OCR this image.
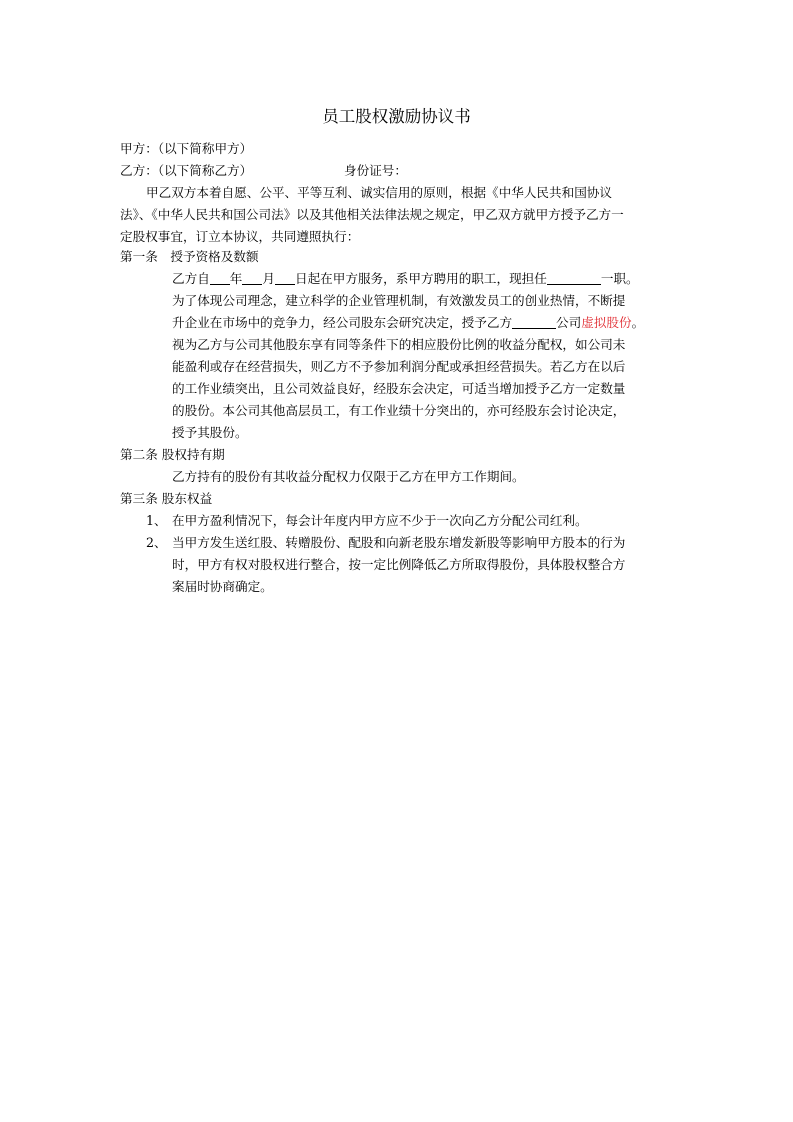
员工股权激励协议书
甲方：（以下简称甲方）
乙方：（以下简称乙方）	身份证号：
甲乙双方本着自愿、公平、平等互利、诚实信用的原则，根据《中华人民共和国协议
法》、《中华人民共和国公司法》以及其他相关法律法规之规定，甲乙双方就甲方授予乙方一
定股权事宜，订立本协议，共同遵照执行：
第一条　授予资格及数额
乙方自 年 月 日起在甲方服务，系甲方聘用的职工，现担任	一职。
为了体现公司理念，建立科学的企业管理机制，有效激发员工的创业热情，不断提
升企业在市场中的竞争力，经公司股东会研究决定，授予乙方	公司虚拟股份。
视为乙方与公司其他股东享有同等条件下的相应股份比例的收益分配权，如公司未
能盈利或存在经营损失，则乙方不予参加利润分配或承担经营损失。若乙方在以后
的工作业绩突出，且公司效益良好，经股东会决定，可适当增加授予乙方一定数量
的股份。本公司其他高层员工，有工作业绩十分突出的，亦可经股东会讨论决定，
授予其股份。
第二条 股权持有期
乙方持有的股份有其收益分配权力仅限于乙方在甲方工作期间。
第三条 股东权益
1、 在甲方盈利情况下，每会计年度内甲方应不少于一次向乙方分配公司红利。
2、 当甲方发生送红股、转赠股份、配股和向新老股东增发新股等影响甲方股本的行为
时，甲方有权对股权进行整合，按一定比例降低乙方所取得股份，具体股权整合方
案届时协商确定。
